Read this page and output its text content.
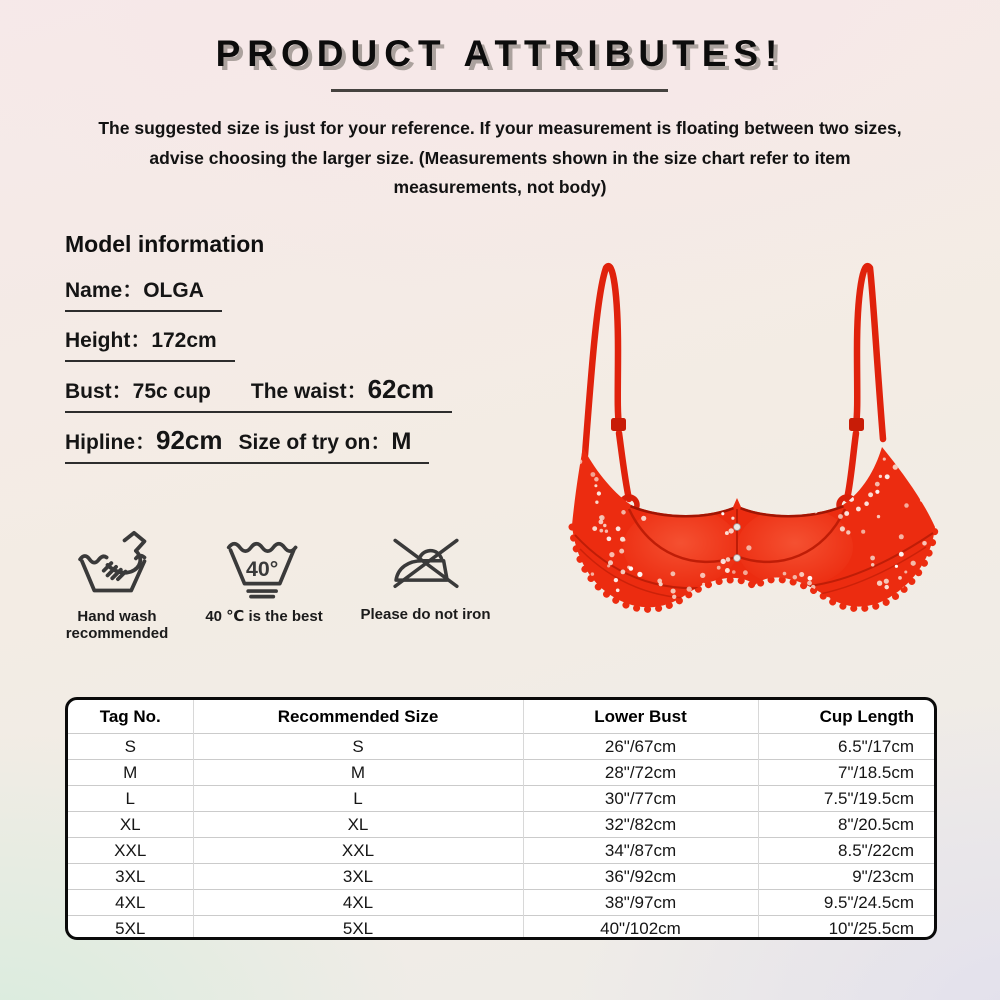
PRODUCT ATTRIBUTES!
The suggested size is just for your reference. If your measurement is floating between two sizes,
advise choosing the larger size. (Measurements shown in the size chart refer to item
measurements, not body)
Model information
Name：OLGA
Height：172cm
Bust：75c cup The waist：62cm
Hipline：92cm Size of try on：M
Hand wash
recommended
40°
40 ℃ is the best	Please do not iron
Tag No.	Recommended Size	Lower Bust	Cup Length
S	S	26"/67cm	6.5"/17cm
M	M	28"/72cm	7"/18.5cm
L	L	30"/77cm	7.5"/19.5cm
XL	XL	32"/82cm	8"/20.5cm
XXL	XXL	34"/87cm	8.5"/22cm
3XL	3XL	36"/92cm	9"/23cm
4XL	4XL	38"/97cm	9.5"/24.5cm
5XL	5XL	40"/102cm	10"/25.5cm
